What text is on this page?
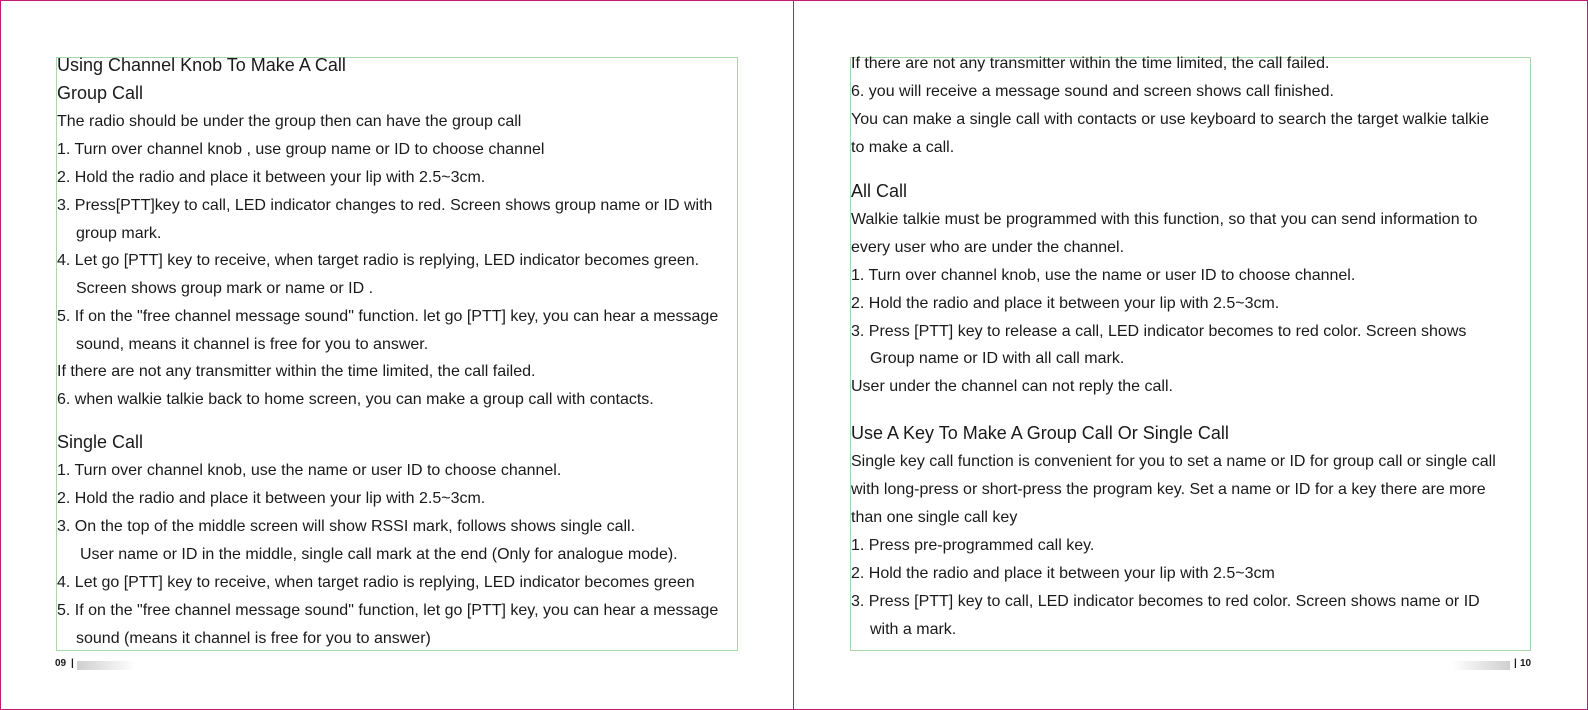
Using Channel Knob To Make A Call
Group Call
The radio should be under the group then can have the group call
1. Turn over channel knob , use group name or ID to choose channel
2. Hold the radio and place it between your lip with 2.5~3cm.
3. Press[PTT]key to call, LED indicator changes to red. Screen shows group name or ID with
group mark.
4. Let go [PTT] key to receive, when target radio is replying, LED indicator becomes green.
Screen shows group mark or name or ID .
5. If on the "free channel message sound" function. let go [PTT] key, you can hear a message
sound, means it channel is free for you to answer.
If there are not any transmitter within the time limited, the call failed.
6. when walkie talkie back to home screen, you can make a group call with contacts.
Single Call
1. Turn over channel knob, use the name or user ID to choose channel.
2. Hold the radio and place it between your lip with 2.5~3cm.
3. On the top of the middle screen will show RSSI mark, follows shows single call.
User name or ID in the middle, single call mark at the end (Only for analogue mode).
4. Let go [PTT] key to receive, when target radio is replying, LED indicator becomes green
5. If on the "free channel message sound" function, let go [PTT] key, you can hear a message
sound (means it channel is free for you to answer)
09 |
If there are not any transmitter within the time limited, the call failed.
6. you will receive a message sound and screen shows call finished.
You can make a single call with contacts or use keyboard to search the target walkie talkie
to make a call.
All Call
Walkie talkie must be programmed with this function, so that you can send information to
every user who are under the channel.
1. Turn over channel knob, use the name or user ID to choose channel.
2. Hold the radio and place it between your lip with 2.5~3cm.
3. Press [PTT] key to release a call, LED indicator becomes to red color. Screen shows
Group name or ID with all call mark.
User under the channel can not reply the call.
Use A Key To Make A Group Call Or Single Call
Single key call function is convenient for you to set a name or ID for group call or single call
with long-press or short-press the program key. Set a name or ID for a key there are more
than one single call key
1. Press pre-programmed call key.
2. Hold the radio and place it between your lip with 2.5~3cm
3. Press [PTT] key to call, LED indicator becomes to red color. Screen shows name or ID
with a mark.
| 10
